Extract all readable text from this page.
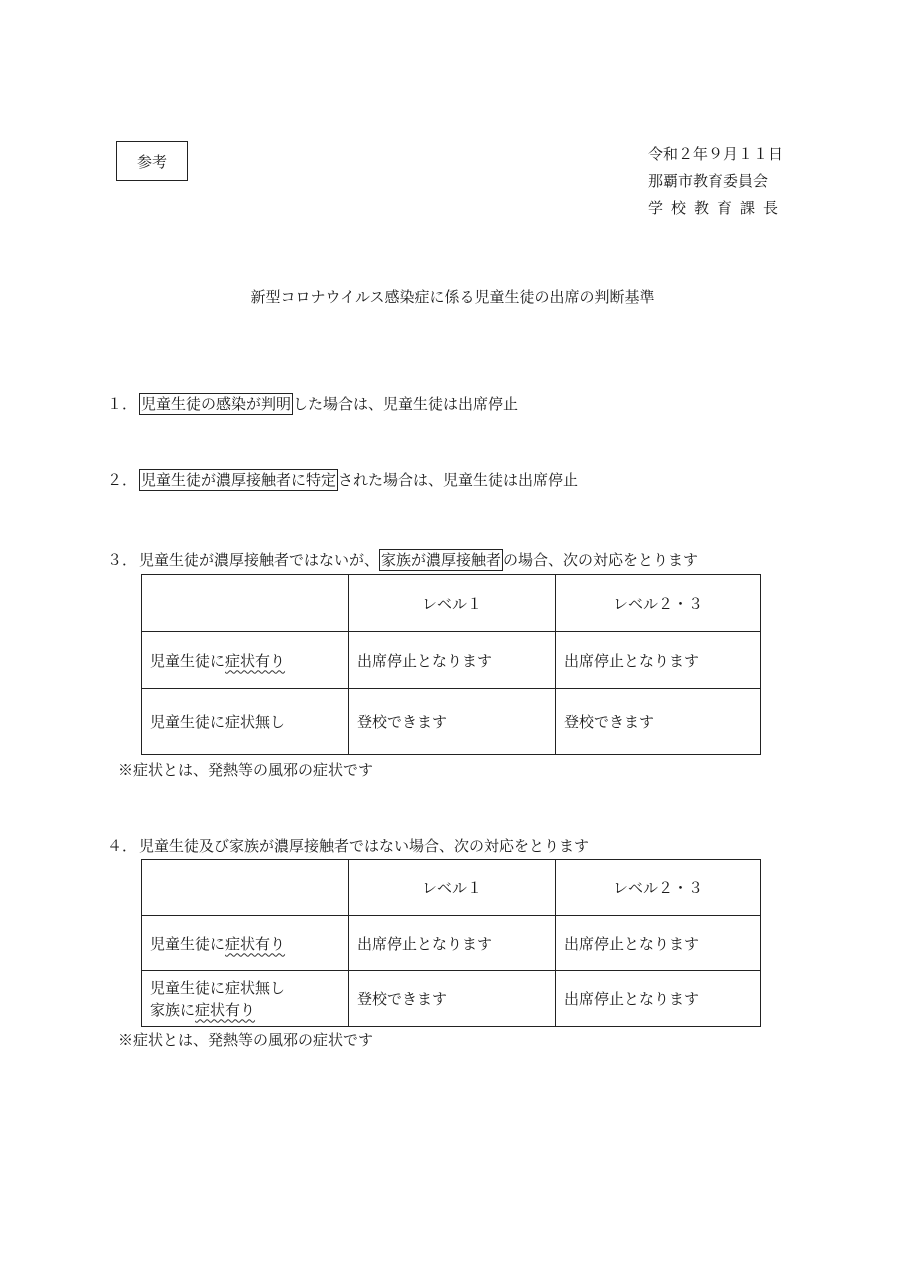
参考	令和２年９月１１日
那覇市教育委員会
学校教育課長
新型コロナウイルス感染症に係る児童生徒の出席の判断基準
１． 児童生徒の感染が判明 した場合は、児童生徒は出席停止
２． 児童生徒が濃厚接触者に特定 された場合は、児童生徒は出席停止
３． 児童生徒が濃厚接触者ではないが、 家族が濃厚接触者 の場合、次の対応をとります
	レベル１	レベル２・３
児童生徒に症状有り	出席停止となります	出席停止となります
児童生徒に症状無し	登校できます	登校できます
※症状とは、発熱等の風邪の症状です
４． 児童生徒及び家族が濃厚接触者ではない場合、次の対応をとります
	レベル１	レベル２・３
児童生徒に症状有り	出席停止となります	出席停止となります

児童生徒に症状無し
家族に症状有り	登校できます	出席停止となります
※症状とは、発熱等の風邪の症状です
